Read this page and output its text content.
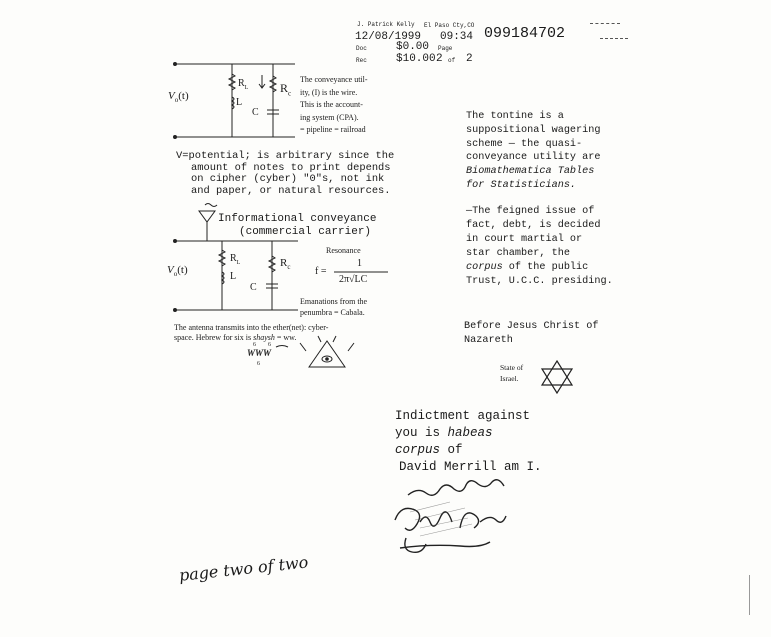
J. Patrick Kelly El Paso Cty,CO
12/08/1999 09:34 099184702
Doc	$0.00 Page
Rec	$10.00 2 of 2
$V_o(t)$
$R_L$
L
$R_c$
C
The conveyance util-
ity, (I) is the wire.
This is the account-
ing system (CPA).
= pipeline = railroad
V=potential; is arbitrary since the
amount of notes to print depends
on cipher (cyber) "0"s, not ink
and paper, or natural resources.
Informational conveyance
(commercial carrier)
$V_o(t)$
$R_L$
L
$R_c$
C
Resonance
f =
1
2π√LC
Emanations from the
penumbra = Cabala.
The antenna transmits into the ether(net): cyber-
space. Hebrew for six is shaysh = ww.
6 6
WWW
6
The tontine is a
suppositional wagering
scheme — the quasi-
conveyance utility are
Biomathematica Tables
for Statisticians.
—The feigned issue of
fact, debt, is decided
in court martial or
star chamber, the
corpus of the public
Trust, U.C.C. presiding.
Before Jesus Christ of
Nazareth
State of
Israel.
Indictment against
you is habeas
corpus of
David Merrill am I.
page two of two
